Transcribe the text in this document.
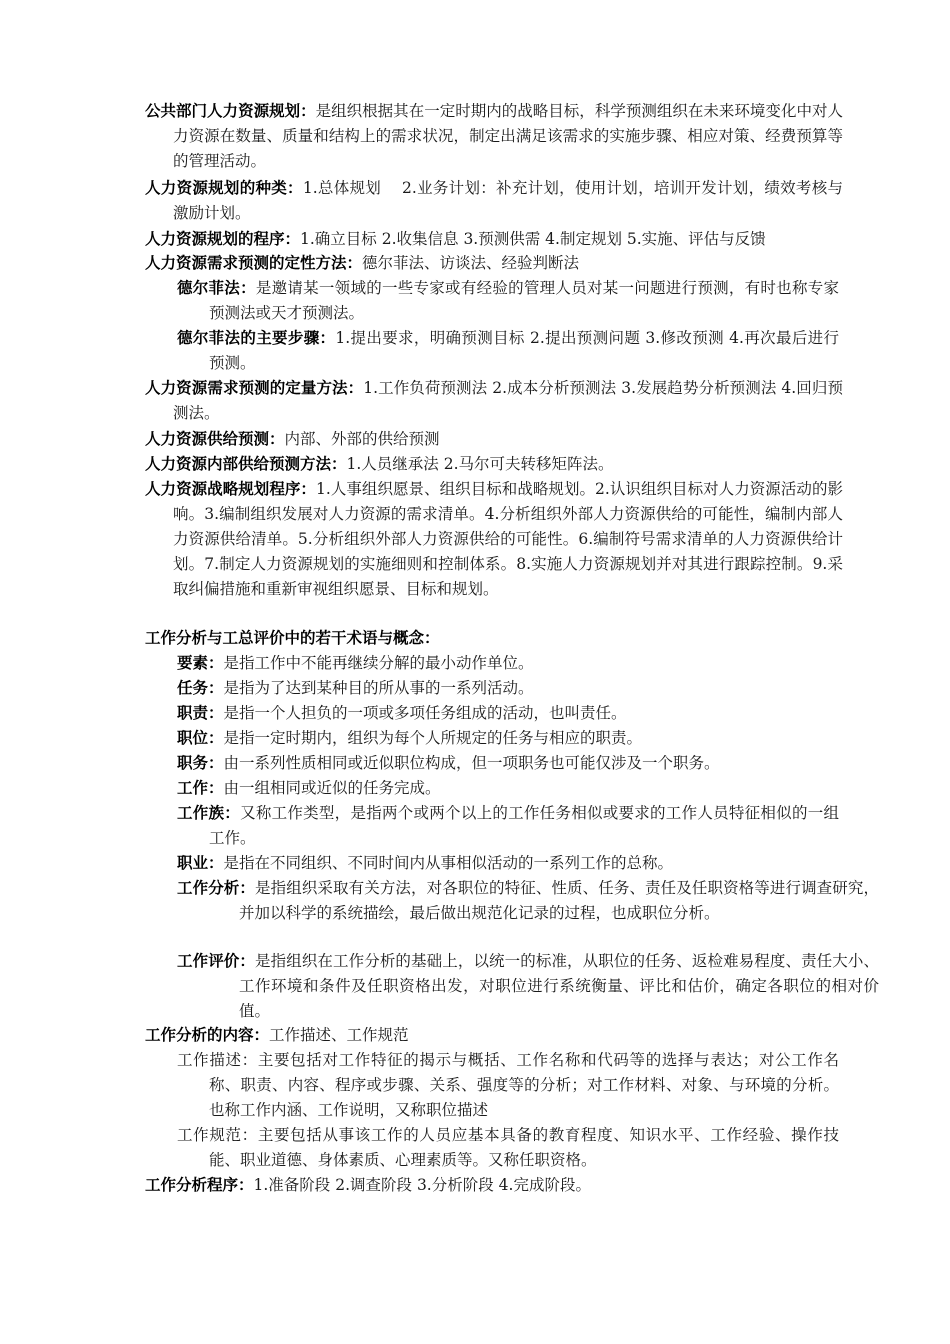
公共部门人力资源规划：是组织根据其在一定时期内的战略目标，科学预测组织在未来环境变化中对人力资源在数量、质量和结构上的需求状况，制定出满足该需求的实施步骤、相应对策、经费预算等的管理活动。

人力资源规划的种类：1.总体规划　 2.业务计划：补充计划，使用计划，培训开发计划，绩效考核与激励计划。

人力资源规划的程序：1.确立目标 2.收集信息 3.预测供需 4.制定规划 5.实施、评估与反馈

人力资源需求预测的定性方法：德尔菲法、访谈法、经验判断法

德尔菲法：是邀请某一领域的一些专家或有经验的管理人员对某一问题进行预测，有时也称专家预测法或天才预测法。

德尔菲法的主要步骤：1.提出要求，明确预测目标 2.提出预测问题 3.修改预测 4.再次最后进行预测。

人力资源需求预测的定量方法：1.工作负荷预测法 2.成本分析预测法 3.发展趋势分析预测法 4.回归预测法。

人力资源供给预测：内部、外部的供给预测

人力资源内部供给预测方法：1.人员继承法 2.马尔可夫转移矩阵法。

人力资源战略规划程序：1.人事组织愿景、组织目标和战略规划。2.认识组织目标对人力资源活动的影响。3.编制组织发展对人力资源的需求清单。4.分析组织外部人力资源供给的可能性，编制内部人力资源供给清单。5.分析组织外部人力资源供给的可能性。6.编制符号需求清单的人力资源供给计划。7.制定人力资源规划的实施细则和控制体系。8.实施人力资源规划并对其进行跟踪控制。9.采取纠偏措施和重新审视组织愿景、目标和规划。

工作分析与工总评价中的若干术语与概念：

要素：是指工作中不能再继续分解的最小动作单位。

任务：是指为了达到某种目的所从事的一系列活动。

职责：是指一个人担负的一项或多项任务组成的活动，也叫责任。

职位：是指一定时期内，组织为每个人所规定的任务与相应的职责。

职务：由一系列性质相同或近似职位构成，但一项职务也可能仅涉及一个职务。

工作：由一组相同或近似的任务完成。

工作族：又称工作类型，是指两个或两个以上的工作任务相似或要求的工作人员特征相似的一组工作。

职业：是指在不同组织、不同时间内从事相似活动的一系列工作的总称。

工作分析：是指组织采取有关方法，对各职位的特征、性质、任务、责任及任职资格等进行调查研究，并加以科学的系统描绘，最后做出规范化记录的过程，也成职位分析。

工作评价：是指组织在工作分析的基础上，以统一的标准，从职位的任务、返检难易程度、责任大小、工作环境和条件及任职资格出发，对职位进行系统衡量、评比和估价，确定各职位的相对价值。

工作分析的内容：工作描述、工作规范

工作描述：主要包括对工作特征的揭示与概括、工作名称和代码等的选择与表达；对公工作名称、职责、内容、程序或步骤、关系、强度等的分析；对工作材料、对象、与环境的分析。也称工作内涵、工作说明，又称职位描述

工作规范：主要包括从事该工作的人员应基本具备的教育程度、知识水平、工作经验、操作技能、职业道德、身体素质、心理素质等。又称任职资格。

工作分析程序：1.准备阶段 2.调查阶段 3.分析阶段 4.完成阶段。
